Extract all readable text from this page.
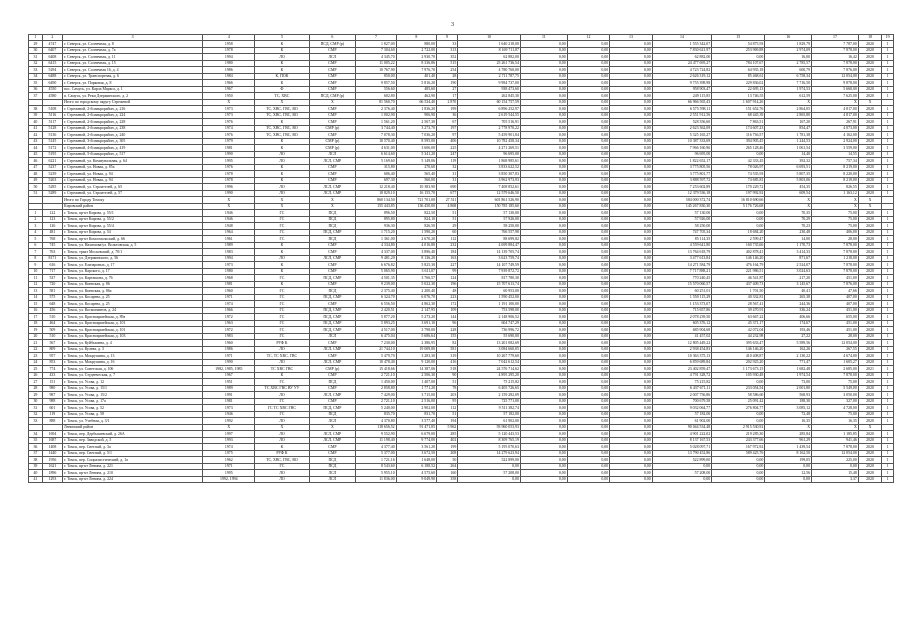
3
1	2	3	4	5	6	7	8	9	10	11	12	13	14	15	16	17	18	19
29	4747	г. Северск, ул. Солнечная, д. 8	1958	К	ПСД, СМР (р)	1 827,00	880,00	33	1 640 218,00	0,00	0,00	0,00	1 555 342,07	54 875,93	1 829,79	7 787,00	2020	1
30	6407	г. Северск, ул. Солнечная, д. 7а	1978	К	СМР	7 304,60	2 722,00	313	8 169 711,87	0,00	0,00	0,00	7 830 621,97	253 969,88	2 974,09	7 878,00	2020	1
31	6408	г. Северск, ул. Солнечная, д. 11	1994	ЛО	ЛСЛ	4 345,70	2 930,70	352	62 882,00	0,00	0,00	0,00	62 882,00	0,00	16,00	16,42	2020	1
32	6415	г. Северск, ул. Солнечная, д. 15	1980	К	СМР	11 005,22	8 336,86	515	25 261 736,54	0,00	0,00	0,00	24 477 695,27	784 107,67	2 785,57	7 878,00	2020	1
33	5294	г. Северск, ул. Солнечная 16, д. 4	1986	К	СМР	10 767,90	7 976,70	254	4 780 760,00	0,00	0,00	0,00	4 723 724,82	64 935,18	600,79	7 876,00	2020	1
34	6488	г. Северск, ул. Транспортная, д. 6	1984	К, ПОК	СМР	850,00	401,40	28	2 711 787,75	0,00	0,00	0,00	2 626 319,12	85 468,61	6 758,34	12 054,00	2020	1
35	6490	г. Северск, ул. Парковая, д. 8	1966	К	СМР	9 857,50	5 816,20	190	9 984 737,00	0,00	0,00	0,00	9 755 398,98	229 836,02	7 716,50	9 878,00	2020	1
36	4550	пос. Самусь, ул. Карла Маркса, д. 1	1967	Ф	СМР	556,60	485,60	27	938 473,60	0,00	0,00	0,00	958 903,47	22 695,13	1 974,53	5 668,00	2020	1
37	4580	п. Самусь, ул. Реки Дзержинского, д. 2	1950	ТС, ХВС	ПСД, СМР (р)	602,80	462,90	17	262 845,30	0,00	0,00	0,00	249 115,85	13 746,55	612,59	7 625,00	2020	1
		Итого по городскому округу Стрежевой	X	X	X	81 560,70	66 534,40	2 870	60 154 757,59	0,00	0,00	0,00	66 966 565,43	1 607 914,26	X	X	X	
38	5108	г. Стрежевой, 2-й микрорайон, д. 216	1973	ТС, ХВС, ГВС, ВО	СМР	2 376,40	1 836,20	199	6 896 252,97	0,00	0,00	0,00	6 575 598,11	151 652,76	2 864,05	4 817,00	2020	1
39	5116	г. Стрежевой, 2-й микрорайон, д. 224	1973	ТС, ХВС, ГВС, ВО	СМР	1 002,90	906,90	36	2 619 544,55	0,00	0,00	0,00	2 551 912,56	68 445,39	2 865,80	4 817,00	2020	1
40	5117	г. Стрежевой, 2-й микрорайон, д. 228	1976	К	СМР	1 561,20	2 567,30	67	705 516,91	0,00	0,00	0,00	528 356,60	7 863,51	167,20	267,91	2020	1
41	5128	г. Стрежевой, 2-й микрорайон, д. 238	1974	ТС, ХВС, ГВС, ВО	СМР (р)	3 744,40	3 273,70	197	2 778 970,22	0,00	0,00	0,00	2 623 362,09	174 607,23	854,47	4 073,00	2020	1
42	5136	г. Стрежевой, 2-й микрорайон, д. 240	1976	ТС, ХВС, ГВС, ВО	СМР	7 078,30	7 036,20	97	5 459 901,84	0,00	0,00	0,00	5 325 165,27	116 736,57	1 781,38	4 162,00	2020	1
43	5145	г. Стрежевой, 3-й микрорайон, д. 305	1979	К	СМР (р)	10 570,40	8 595,00	406	10 782 458,34	0,00	0,00	0,00	10 387 333,69	394 905,45	1 244,53	2 924,00	2020	1
44	5172	г. Стрежевой, 4-й микрорайон, д. 419	1981	К	СМР (р)	4 631,00	3 606,00	225	4 271 269,51	0,00	0,00	0,00	7 966 160,96	265 128,46	1 061,54	3 559,00	2020	1
45	5195	г. Стрежевой, 5-й микрорайон, д. 517	1990	ЛО	ЛСЛ	6 614,60	5 341,20	247	96 695,00	0,00	0,00	0,00	96 695,00	0,00	14,40	14,55	2020	1
46	6221	г. Стрежевой, ул. Коммунальная, д. 64	1995	ЛО	ЛСЛ, СМР	5 169,60	5 149,06	119	1 868 985,61	0,00	0,00	0,00	1 822 652,17	42 333,45	392,32	757,34	2020	1
47	5237	г. Стрежевой, ул. Новая, д. 85а	1976	К	СМР	315,80	270,60	32	3 833 622,52	0,00	0,00	0,00	3 775 805,56	78 026,97	6 693,51	8 219,00	2020	1
48	5239	г. Стрежевой, ул. Новая, д. 94	1978	К	СМР	686,40	565,40	31	3 850 307,83	0,00	0,00	0,00	3 775 801,77	74 535,93	5 807,35	8 220,00	2020	1
49	5263	г. Стрежевой, ул. Новая, д. 94	1978	К	СМР	697,30	560,00	31	3 962 973,93	0,00	0,00	0,00	3 888 597,72	74 685,81	5 803,06	8 219,00	2020	1
50	5285	г. Стрежевой, ул. Строителей, д. 65	1996	ЛО	ЛСЛ, СМР	12 218,40	10 383,90	690	7 408 852,61	0,00	0,00	0,00	7 253 602,89	170 229,72	454,35	826,55	2020	1
51	5289	г. Стрежевой, ул. Строителей, д. 57	1990	ЛО	ЛСЛ, СМР	18 829,10	16 155,70	677	12 579 646,50	0,00	0,00	0,00	12 379 536,18	197 992,92	609,54	1 163,12	2020	1
		Итого по Городу Томску	X	X	X	860 134,50	721 701,00	27 511	601 861 526,90	0,00	0,00	0,00	584 000 372,74	16 810 690,66	X	X	X	
		Кировский район	X	X	X	155 443,85	136 450,00	4 868	150 785 185,60	0,00	0,00	0,00	145 267 830,30	5 176 726,68	X	X	X	
1	122	г. Томск, пр-кт Кирова, д. 55/1	1946	ГС	ПСД	896,50	822,50	51	57 130,00	0,00	0,00	0,00	57 130,00	0,00	70,35	75,00	2020	1
2	123	г. Томск, пр-кт Кирова, д. 55/2	1946	ГС	ПСД	895,80	824,10	51	57 926,00	0,00	0,00	0,00	57 926,00	0,00	70,29	75,00	2020	1
3	126	г. Томск, пр-кт Кирова, д. 55/4	1948	ГС	ПСД	936,30	826,50	29	58 250,00	0,00	0,00	0,00	58 250,00	0,00	70,23	75,00	2020	1
4	481	г. Томск, пр-кт Кирова, д. 54	1964	ГС	ПСД, СМР	1 715,20	1 590,20	60	766 557,98	0,00	0,00	0,00	747 705,34	18 684,20	230,48	406,00	2020	1
5	768	г. Томск, пр-кт Комсомольский, д. 66	1961	ГС	ПСД	1 361,00	2 670,20	112	88 699,82	0,00	0,00	0,00	85 114,35	2 599,47	14,00	28,00	2020	1
6	745	г. Томск, ул. Нахимова/ул. Вольтовская, д. 5	1989	К	СМР	4 334,80	4 016,80	232	4 699 884,47	0,00	0,00	0,00	4 559 641,80	160 735,66	1 170,73	7 878,00	2020	1
7	763	г. Томск, тракт Московский, д. 70/1	1983	К	СМР	4 337,00	3 896,40	184	14 139 705,74	0,00	0,00	0,00	13 764 618,79	402 878,41	3 414,33	7 878,00	2020	1
8	8171	г. Томск, ул. Дзержинского, д. 56	1994	ЛО	ЛСЛ, СМР	9 481,20	8 136,20	163	3 623 759,74	0,00	0,00	0,00	3 477 613,84	146 146,20	871,67	1 218,00	2020	1
9	616	г. Томск, ул. Елизаровых, д. 17	1973	К	СМР	6 676,82	5 825,30	227	14 107 749,59	0,00	0,00	0,00	14 271 584,79	476 164,79	2 524,07	7 878,00	2020	1
10	717	г. Томск, ул. Карского, д. 17	1980	К	СМР	5 065,90	3 611,07	99	7 939 872,72	0,00	0,00	0,00	7 717 888,21	221 986,51	3 024,63	7 878,00	2020	1
11	537	г. Томск, ул. Карташова, д. 76	1968	ГС	ПСД, СМР	4 501,35	3 766,57	124	817 780,30	0,00	0,00	0,00	770 240,45	46 541,87	217,20	451,00	2020	1
12	720	г. Томск, ул. Киевская, д. 86	1981	К	СМР	9 239,00	5 022,30	196	15 707 613,74	0,00	0,00	0,00	15 570 060,57	437 409,73	3 145,67	7 876,00	2020	1
13	581	г. Томск, ул. Киевская, д. 86а	1960	ГС	ПСД	2 375,40	2 200,40	48	60 953,00	0,00	0,00	0,00	60 251,01	1 701,50	40,41	47,66	2020	1
14	575	г. Томск, ул. Косарева, д. 25	1971	ГС	ПСД, СМР	6 324,70	6 076,70	223	1 590 452,00	0,00	0,00	0,00	1 550 115,29	40 332,81	265,38	407,00	2020	1
15	648	г. Томск, ул. Косарева, д. 25	1974	ГС	СМР	6 556,50	4 862,30	172	1 191 100,00	0,00	0,00	0,00	1 153 373,07	28 567,41	244,36	407,00	2020	1
16	456	г. Томск, ул. Космонавтов, д. 24	1966	ГС	ПСД, СМР	2 420,51	2 147,95	109	753 598,00	0,00	0,00	0,00	715 657,86	39 470,91	336,24	451,00	2020	1
17	510	г. Томск, ул. Красноармейская, д. 89а	1972	ГС	ПСД, СМР	5 877,20	5 273,20	144	2 148 906,52	0,00	0,00	0,00	2 078 239,50	63 667,22	406,66	655,00	2020	1
18	464	г. Томск, ул. Красноармейская, д. 101	1963	ГС	ПСД, СМР	5 893,25	3 691,10	96	604 747,29	0,00	0,00	0,00	605 376,12	45 371,17	174,67	451,00	2020	1
19	509	г. Томск, ул. Красноармейская, д. 101	1972	ГС	ПСД, СМР	4 517,00	3 798,00	228	736 996,72	0,00	0,00	0,00	685 904,68	42 072,04	193,46	451,00	2020	1
20	510	г. Томск, ул. Красноармейская, д. 103	1983	ГС	ЛСЛ	6 475,04	5 686,64	155	55 690,00	0,00	0,00	0,00	41 457,02	44 232,98	27,22	28,00	2020	1
21	567	г. Томск, ул. Куйбышева, д. 4	1960	РУФ К	СМР	7 230,00	2 386,95	82	13 201 082,69	0,00	0,00	0,00	12 805 449,22	395 633,47	5 589,56	12 054,00	2020	1
22	809	г. Томск, ул. Кулева, д. 3	1986	ЛО	ЛСЛ, СМР	21 744,10	19 009,80	581	3 084 660,05	0,00	0,00	0,00	2 938 454,83	146 146,20	162,26	267,55	2020	1
23	957	г. Томск, ул. Мокрушина, д. 13	1971	ТС, ТС ХВС, ГВС	СМР	5 479,70	3 283,30	319	10 267 779,60	0,00	0,00	0,00	10 363 375,13	410 408,87	2 130,22	4 674,00	2020	1
24	853	г. Томск, ул. Мокрушина, д. 16	1990	ЛО	ЛСЛ, СМР	10 478,40	9 120,00	416	7 042 612,54	0,00	0,00	0,00	6 859 689,84	202 925,20	771,47	1 605,27	2020	1
25	774	г. Томск, ул. Советская, д. 106	1982, 1985, 1985	ТС ХВС ГВС	СМР (р)	15 418,66	14 387,06	518	24 576 714,62	0,00	0,00	0,00	23 402 859,47	1 173 673,15	1 682,48	2 685,00	2021	1
26	433	г. Томск, ул. Студенческая, д. 7	1967	К	СМР	2 721,10	2 506,30	90	4 895 295,20	0,00	0,00	0,00	4 791 328,72	105 930,48	1 974,54	7 878,00	2020	1
27	151	г. Томск, ул. Усова, д. 12	1951	ГС	ПСД	1 450,00	1 407,00	51	75 215,82	0,00	0,00	0,00	75 215,82	0,00	73,00	75,00	2020	1
28	980	г. Томск, ул. Усова, д. 15/1	1989	ТС ХВС ГВС ВУ УУ	СМР	2 858,80	1 771,20	78	6 405 726,65	0,00	0,00	0,00	6 437 671,11	233 054,54	2 001,80	5 549,00	2020	1
29	987	г. Томск, ул. Усова, д. 15/2	1991	ЛО	ЛСЛ, СМР	7 429,00	3 715,00	203	2 159 282,09	0,00	0,00	0,00	2 007 756,86	58 586,60	568,93	3 050,00	2020	1
30	988	г. Томск, ул. Усова, д. 17а	1981	ГС	СМР	2 721,10	2 516,00	95	725 771,00	0,00	0,00	0,00	700 679,58	25 091,42	188,30	327,00	2020	1
31	601	г. Томск, ул. Усова, д. 52	1973	ГС ТС ХВС ГВС	ПСД, СМР	5 240,00	2 902,00	112	9 511 382,74	0,00	0,00	0,00	9 032 064,77	276 804,77	3 085,12	4 728,00	2020	1
32	119	г. Томск, ул. Усова, д. 58	1946	ГС	ПСД	835,70	831,70	51	57 182,00	0,00	0,00	0,00	57 182,00	0,00	72,48	75,00	2020	1
33	888	г. Томск, ул. Учебная, д. 3/1	1992	ЛО	ЛСЛ	4 370,80	3 577,40	194	61 902,00	0,00	0,00	0,00	61 902,00	0,00	16,35	16,35	2020	1
		Ленинский район	X	X	X	118 656,52	91 471,85	5 962	93 960 053,93	0,00	0,00	0,00	90 044 534,48	2 915 530,92	X	X	X	
34	1694	г. Томск, пер. Дербышевский, д. 26А	1997	ЛО	ЛСЛ, СМР	9 552,90	6 679,00	285	5 120 443,53	0,00	0,00	0,00	4 901 222,02	219 285,30	285,84	1 185,85	2020	1
35	1687	г. Томск, пер. Заводской, д. 5	1993	ЛО	ЛСЛ, СМР	11 198,40	9 774,00	402	8 309 765,19	0,00	0,00	0,00	8 137 167,53	243 377,66	961,29	941,46	2020	1
36	1408	г. Томск, пер. Светлый, д. 3а	1974	К	СМР	4 377,40	3 561,20	199	5 195 070,63	0,00	0,00	0,00	5 028 097,71	167 972,92	1 439,54	7 878,00	2020	1
37	1440	г. Томск, пер. Светлый, д. 5/1	1975	РУФ К	СМР	5 377,00	3 672,50	208	14 279 623,94	0,00	0,00	0,00	13 790 452,86	589 425,76	8 162,50	12 054,00	2020	1
38	1956	г. Томск, пер. Социалистический, д. 1а	1962	ТС, ХВС, ГВС, ВО	ПСД	1 721,16	1 648,00	50	522 899,00	0,00	0,00	0,00	522 899,00	0,00	199,05	225,00	2020	1
39	1621	г. Томск, пр-кт Ленина, д. 221	1971	ГС	ПСД	8 543,60	6 188,52	264	0,00	0,00	0,00	0,00	0,00	0,00	0,00	0,00	2020	1
40	1896	г. Томск, пр-кт Ленина, д. 210	1995	ЛО	ЛСЛ	5 955,10	4 575,60	160	57 208,00	0,00	0,00	0,00	57 208,00	0,00	12,56	15,48	2020	1
41	1293	г. Томск, пр-кт Ленина, д. 224	1992, 1994	ЛО	ЛСЛ	11 836,00	9 049,90	358	0,00	0,00	0,00	0,00	0,00	0,00	0,00	3,37	2020	1
